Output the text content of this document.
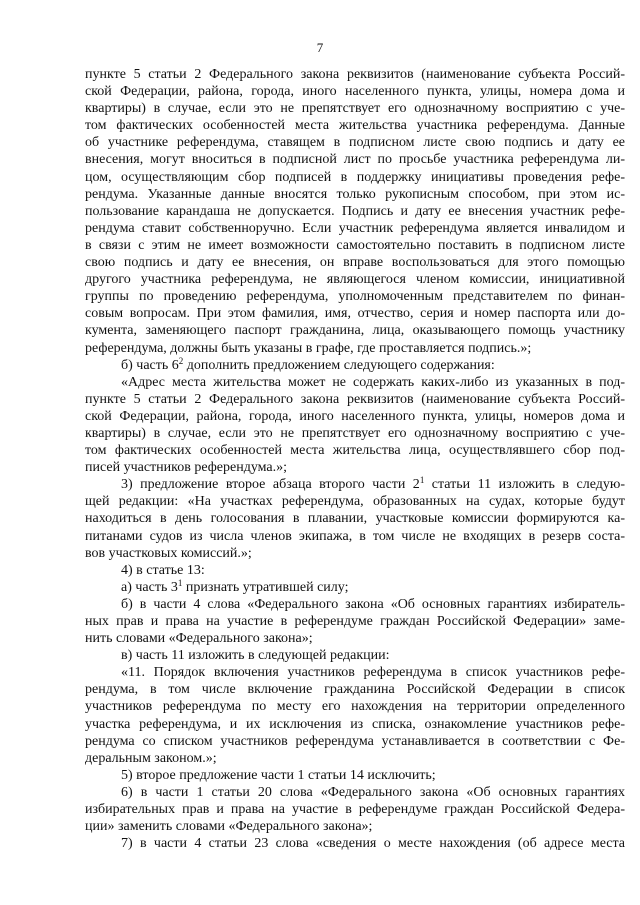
7
пункте 5 статьи 2 Федерального закона реквизитов (наименование субъекта Россий-
ской Федерации, района, города, иного населенного пункта, улицы, номера дома и
квартиры) в случае, если это не препятствует его однозначному восприятию с уче-
том фактических особенностей места жительства участника референдума. Данные
об участнике референдума, ставящем в подписном листе свою подпись и дату ее
внесения, могут вноситься в подписной лист по просьбе участника референдума ли-
цом, осуществляющим сбор подписей в поддержку инициативы проведения рефе-
рендума. Указанные данные вносятся только рукописным способом, при этом ис-
пользование карандаша не допускается. Подпись и дату ее внесения участник рефе-
рендума ставит собственноручно. Если участник референдума является инвалидом и
в связи с этим не имеет возможности самостоятельно поставить в подписном листе
свою подпись и дату ее внесения, он вправе воспользоваться для этого помощью
другого участника референдума, не являющегося членом комиссии, инициативной
группы по проведению референдума, уполномоченным представителем по финан-
совым вопросам. При этом фамилия, имя, отчество, серия и номер паспорта или до-
кумента, заменяющего паспорт гражданина, лица, оказывающего помощь участнику
референдума, должны быть указаны в графе, где проставляется подпись.»;
б) часть $6^2$ дополнить предложением следующего содержания:
«Адрес места жительства может не содержать каких-либо из указанных в под-
пункте 5 статьи 2 Федерального закона реквизитов (наименование субъекта Россий-
ской Федерации, района, города, иного населенного пункта, улицы, номеров дома и
квартиры) в случае, если это не препятствует его однозначному восприятию с уче-
том фактических особенностей места жительства лица, осуществлявшего сбор под-
писей участников референдума.»;
3) предложение второе абзаца второго части $2^1$ статьи 11 изложить в следую-
щей редакции: «На участках референдума, образованных на судах, которые будут
находиться в день голосования в плавании, участковые комиссии формируются ка-
питанами судов из числа членов экипажа, в том числе не входящих в резерв соста-
вов участковых комиссий.»;
4) в статье 13:
а) часть $3^1$ признать утратившей силу;
б) в части 4 слова «Федерального закона «Об основных гарантиях избиратель-
ных прав и права на участие в референдуме граждан Российской Федерации» заме-
нить словами «Федерального закона»;
в) часть 11 изложить в следующей редакции:
«11. Порядок включения участников референдума в список участников рефе-
рендума, в том числе включение гражданина Российской Федерации в список
участников референдума по месту его нахождения на территории определенного
участка референдума, и их исключения из списка, ознакомление участников рефе-
рендума со списком участников референдума устанавливается в соответствии с Фе-
деральным законом.»;
5) второе предложение части 1 статьи 14 исключить;
6) в части 1 статьи 20 слова «Федерального закона «Об основных гарантиях
избирательных прав и права на участие в референдуме граждан Российской Федера-
ции» заменить словами «Федерального закона»;
7) в части 4 статьи 23 слова «сведения о месте нахождения (об адресе места
